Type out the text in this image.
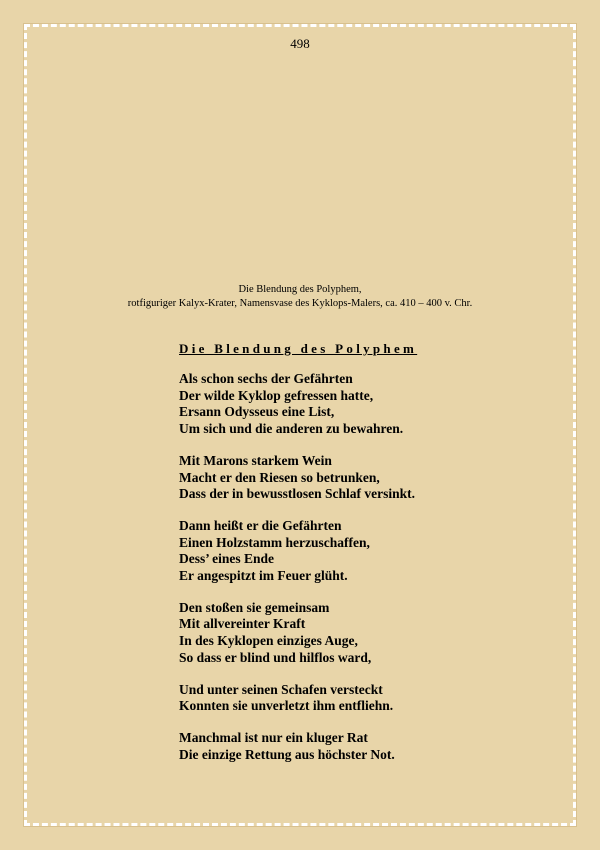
498
Die Blendung des Polyphem,
rotfiguriger Kalyx-Krater, Namensvase des Kyklops-Malers, ca. 410 – 400 v. Chr.
Die Blendung des Polyphem
Als schon sechs der Gefährten
Der wilde Kyklop gefressen hatte,
Ersann Odysseus eine List,
Um sich und die anderen zu bewahren.
Mit Marons starkem Wein
Macht er den Riesen so betrunken,
Dass der in bewusstlosen Schlaf versinkt.
Dann heißt er die Gefährten
Einen Holzstamm herzuschaffen,
Dess’ eines Ende
Er angespitzt im Feuer glüht.
Den stoßen sie gemeinsam
Mit allvereinter Kraft
In des Kyklopen einziges Auge,
So dass er blind und hilflos ward,
Und unter seinen Schafen versteckt
Konnten sie unverletzt ihm entfliehn.
Manchmal ist nur ein kluger Rat
Die einzige Rettung aus höchster Not.
